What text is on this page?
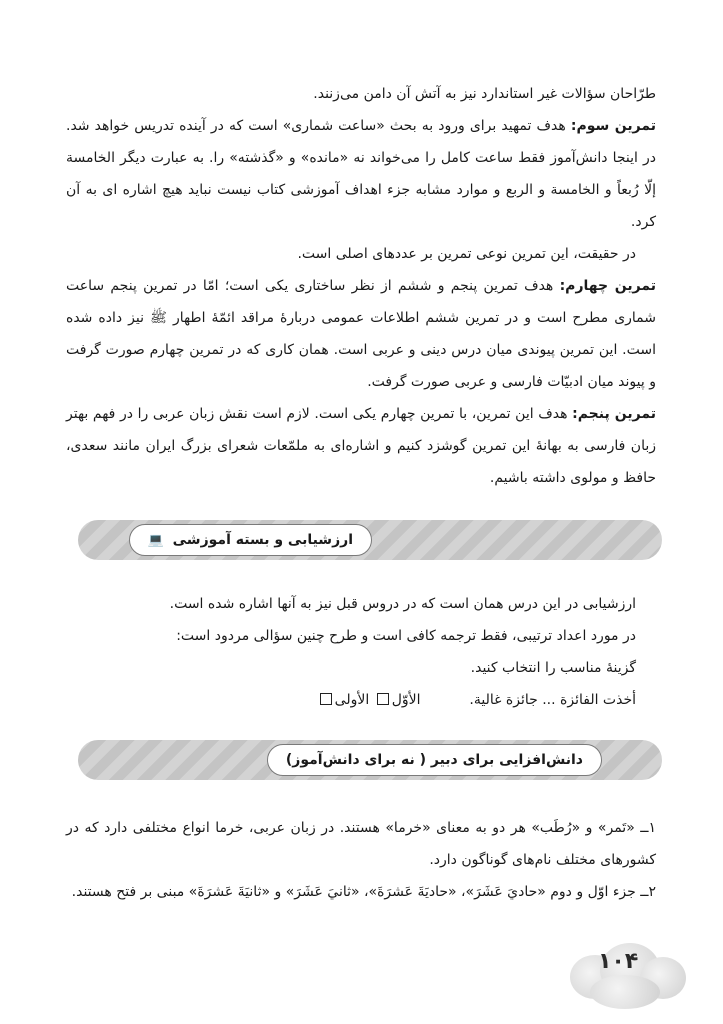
طرّاحان سؤالات غیر استاندارد نیز به آتش آن دامن می‌زنند.
تمرین سوم: هدف تمهید برای ورود به بحث «ساعت شماری» است که در آینده تدریس خواهد شد. در اینجا دانش‌آموز فقط ساعت کامل را می‌خواند نه «مانده» و «گذشته» را. به عبارت دیگر الخامسة إلّا رُبعاً و الخامسة و الربع و موارد مشابه جزء اهداف آموزشی کتاب نیست نباید هیچ اشاره ای به آن کرد.
در حقیقت، این تمرین نوعی تمرین بر عددهای اصلی است.
تمرین چهارم: هدف تمرین پنجم و ششم از نظر ساختاری یکی است؛ امّا در تمرین پنجم ساعت شماری مطرح است و در تمرین ششم اطلاعات عمومی دربارهٔ مراقد ائمّهٔ اطهار ﷺ نیز داده شده است. این تمرین پیوندی میان درس دینی و عربی است. همان کاری که در تمرین چهارم صورت گرفت و پیوند میان ادبیّات فارسی و عربی صورت گرفت.
تمرین پنجم: هدف این تمرین، با تمرین چهارم یکی است. لازم است نقش زبان عربی را در فهم بهتر زبان فارسی به بهانهٔ این تمرین گوشزد کنیم و اشاره‌ای به ملمّعات شعرای بزرگ ایران مانند سعدی، حافظ و مولوی داشته باشیم.
ارزشیابی و بسته آموزشی 💻
ارزشیابی در این درس همان است که در دروس قبل نیز به آنها اشاره شده است.
در مورد اعداد ترتیبی، فقط ترجمه کافی است و طرح چنین سؤالی مردود است:
گزینهٔ مناسب را انتخاب کنید.
أخذت الفائزة ... جائزة غالية.  الأوّل الأولى
دانش‌افزایی برای دبیر ( نه برای دانش‌آموز)
۱ــ «تَمر» و «رُطَب» هر دو به معنای «خرما» هستند. در زبان عربی، خرما انواع مختلفی دارد که در کشورهای مختلف نام‌های گوناگون دارد.
۲ــ جزء اوّل و دوم «حاديَ عَشَرَ»، «حاديَةَ عَشرَةَ»، «ثانيَ عَشَرَ» و «ثانيَةَ عَشرَةَ» مبنی بر فتح هستند.
۱۰۴
